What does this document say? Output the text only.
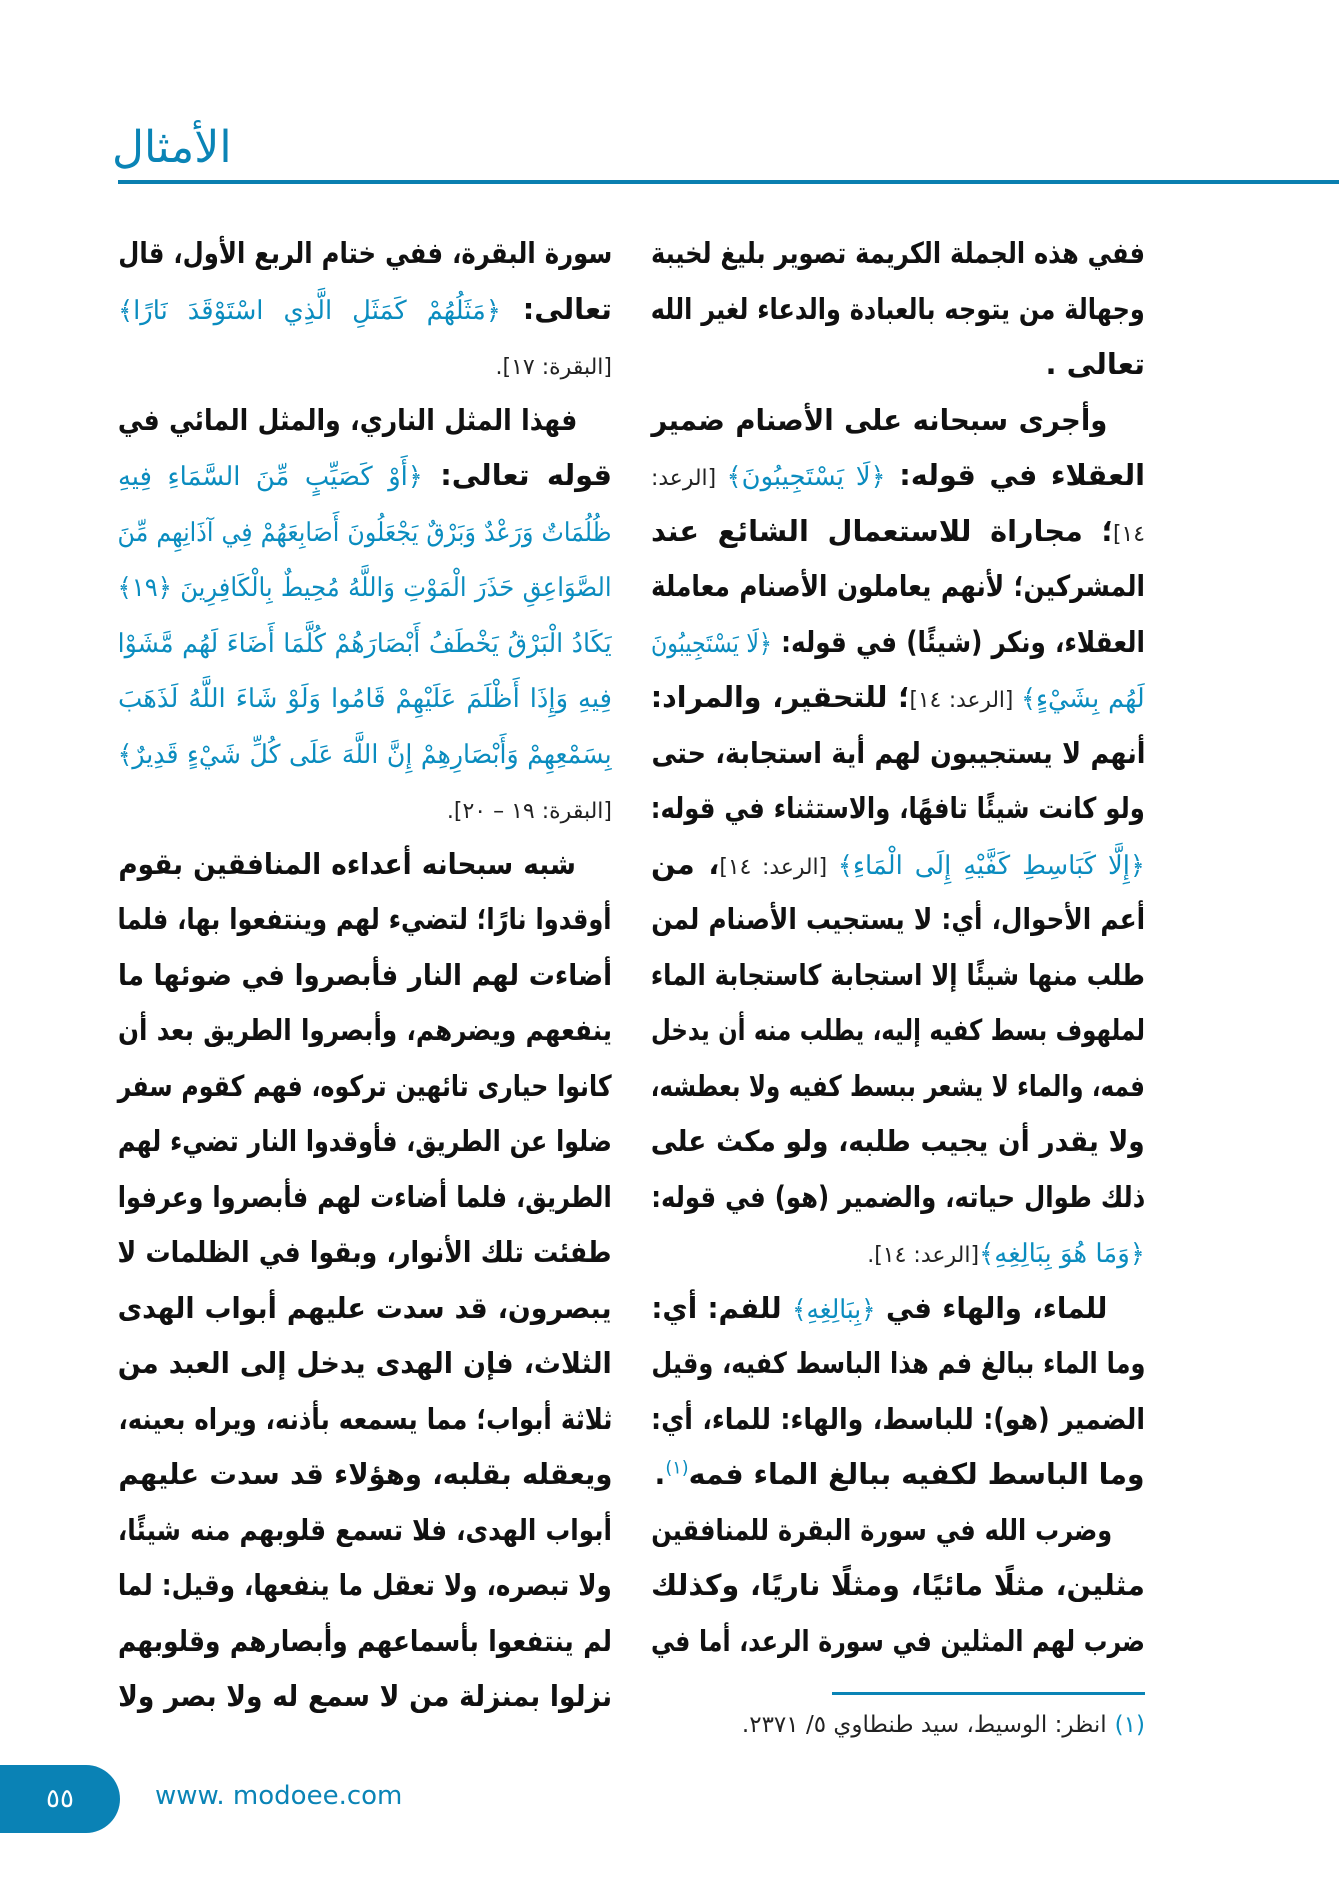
الأمثال
ففي هذه الجملة الكريمة تصوير بليغ لخيبة
وجهالة من يتوجه بالعبادة والدعاء لغير الله
تعالى .
وأجرى سبحانه على الأصنام ضمير
العقلاء في قوله: ﴿لَا يَسْتَجِيبُونَ﴾ [الرعد:
١٤]؛ مجاراة للاستعمال الشائع عند
المشركين؛ لأنهم يعاملون الأصنام معاملة
العقلاء، ونكر (شيئًا) في قوله: ﴿لَا يَسْتَجِيبُونَ
لَهُم بِشَيْءٍ﴾ [الرعد: ١٤]؛ للتحقير، والمراد:
أنهم لا يستجيبون لهم أية استجابة، حتى
ولو كانت شيئًا تافهًا، والاستثناء في قوله:
﴿إِلَّا كَبَاسِطِ كَفَّيْهِ إِلَى الْمَاءِ﴾ [الرعد: ١٤]، من
أعم الأحوال، أي: لا يستجيب الأصنام لمن
طلب منها شيئًا إلا استجابة كاستجابة الماء
لملهوف بسط كفيه إليه، يطلب منه أن يدخل
فمه، والماء لا يشعر ببسط كفيه ولا بعطشه،
ولا يقدر أن يجيب طلبه، ولو مكث على
ذلك طوال حياته، والضمير (هو) في قوله:
﴿وَمَا هُوَ بِبَالِغِهِ﴾[الرعد: ١٤].
للماء، والهاء في ﴿بِبَالِغِهِ﴾ للفم: أي:
وما الماء ببالغ فم هذا الباسط كفيه، وقيل
الضمير (هو): للباسط، والهاء: للماء، أي:
وما الباسط لكفيه ببالغ الماء فمه$^{(١)}$.
وضرب الله في سورة البقرة للمنافقين
مثلين، مثلًا مائيًا، ومثلًا ناريًا، وكذلك
ضرب لهم المثلين في سورة الرعد، أما في
سورة البقرة، ففي ختام الربع الأول، قال
تعالى: ﴿مَثَلُهُمْ كَمَثَلِ الَّذِي اسْتَوْقَدَ نَارًا﴾
[البقرة: ١٧].
فهذا المثل الناري، والمثل المائي في
قوله تعالى: ﴿أَوْ كَصَيِّبٍ مِّنَ السَّمَاءِ فِيهِ
ظُلُمَاتٌ وَرَعْدٌ وَبَرْقٌ يَجْعَلُونَ أَصَابِعَهُمْ فِي آذَانِهِم مِّنَ
الصَّوَاعِقِ حَذَرَ الْمَوْتِ وَاللَّهُ مُحِيطٌ بِالْكَافِرِينَ ﴿١٩﴾
يَكَادُ الْبَرْقُ يَخْطَفُ أَبْصَارَهُمْ كُلَّمَا أَضَاءَ لَهُم مَّشَوْا
فِيهِ وَإِذَا أَظْلَمَ عَلَيْهِمْ قَامُوا وَلَوْ شَاءَ اللَّهُ لَذَهَبَ
بِسَمْعِهِمْ وَأَبْصَارِهِمْ إِنَّ اللَّهَ عَلَى كُلِّ شَيْءٍ قَدِيرٌ﴾
[البقرة: ١٩ – ٢٠].
شبه سبحانه أعداءه المنافقين بقوم
أوقدوا نارًا؛ لتضيء لهم وينتفعوا بها، فلما
أضاءت لهم النار فأبصروا في ضوئها ما
ينفعهم ويضرهم، وأبصروا الطريق بعد أن
كانوا حيارى تائهين تركوه، فهم كقوم سفر
ضلوا عن الطريق، فأوقدوا النار تضيء لهم
الطريق، فلما أضاءت لهم فأبصروا وعرفوا
طفئت تلك الأنوار، وبقوا في الظلمات لا
يبصرون، قد سدت عليهم أبواب الهدى
الثلاث، فإن الهدى يدخل إلى العبد من
ثلاثة أبواب؛ مما يسمعه بأذنه، ويراه بعينه،
ويعقله بقلبه، وهؤلاء قد سدت عليهم
أبواب الهدى، فلا تسمع قلوبهم منه شيئًا،
ولا تبصره، ولا تعقل ما ينفعها، وقيل: لما
لم ينتفعوا بأسماعهم وأبصارهم وقلوبهم
نزلوا بمنزلة من لا سمع له ولا بصر ولا
(١)انظر: الوسيط، سيد طنطاوي ٥/ ٢٣٧١.
٥٥	www. modoee.com
